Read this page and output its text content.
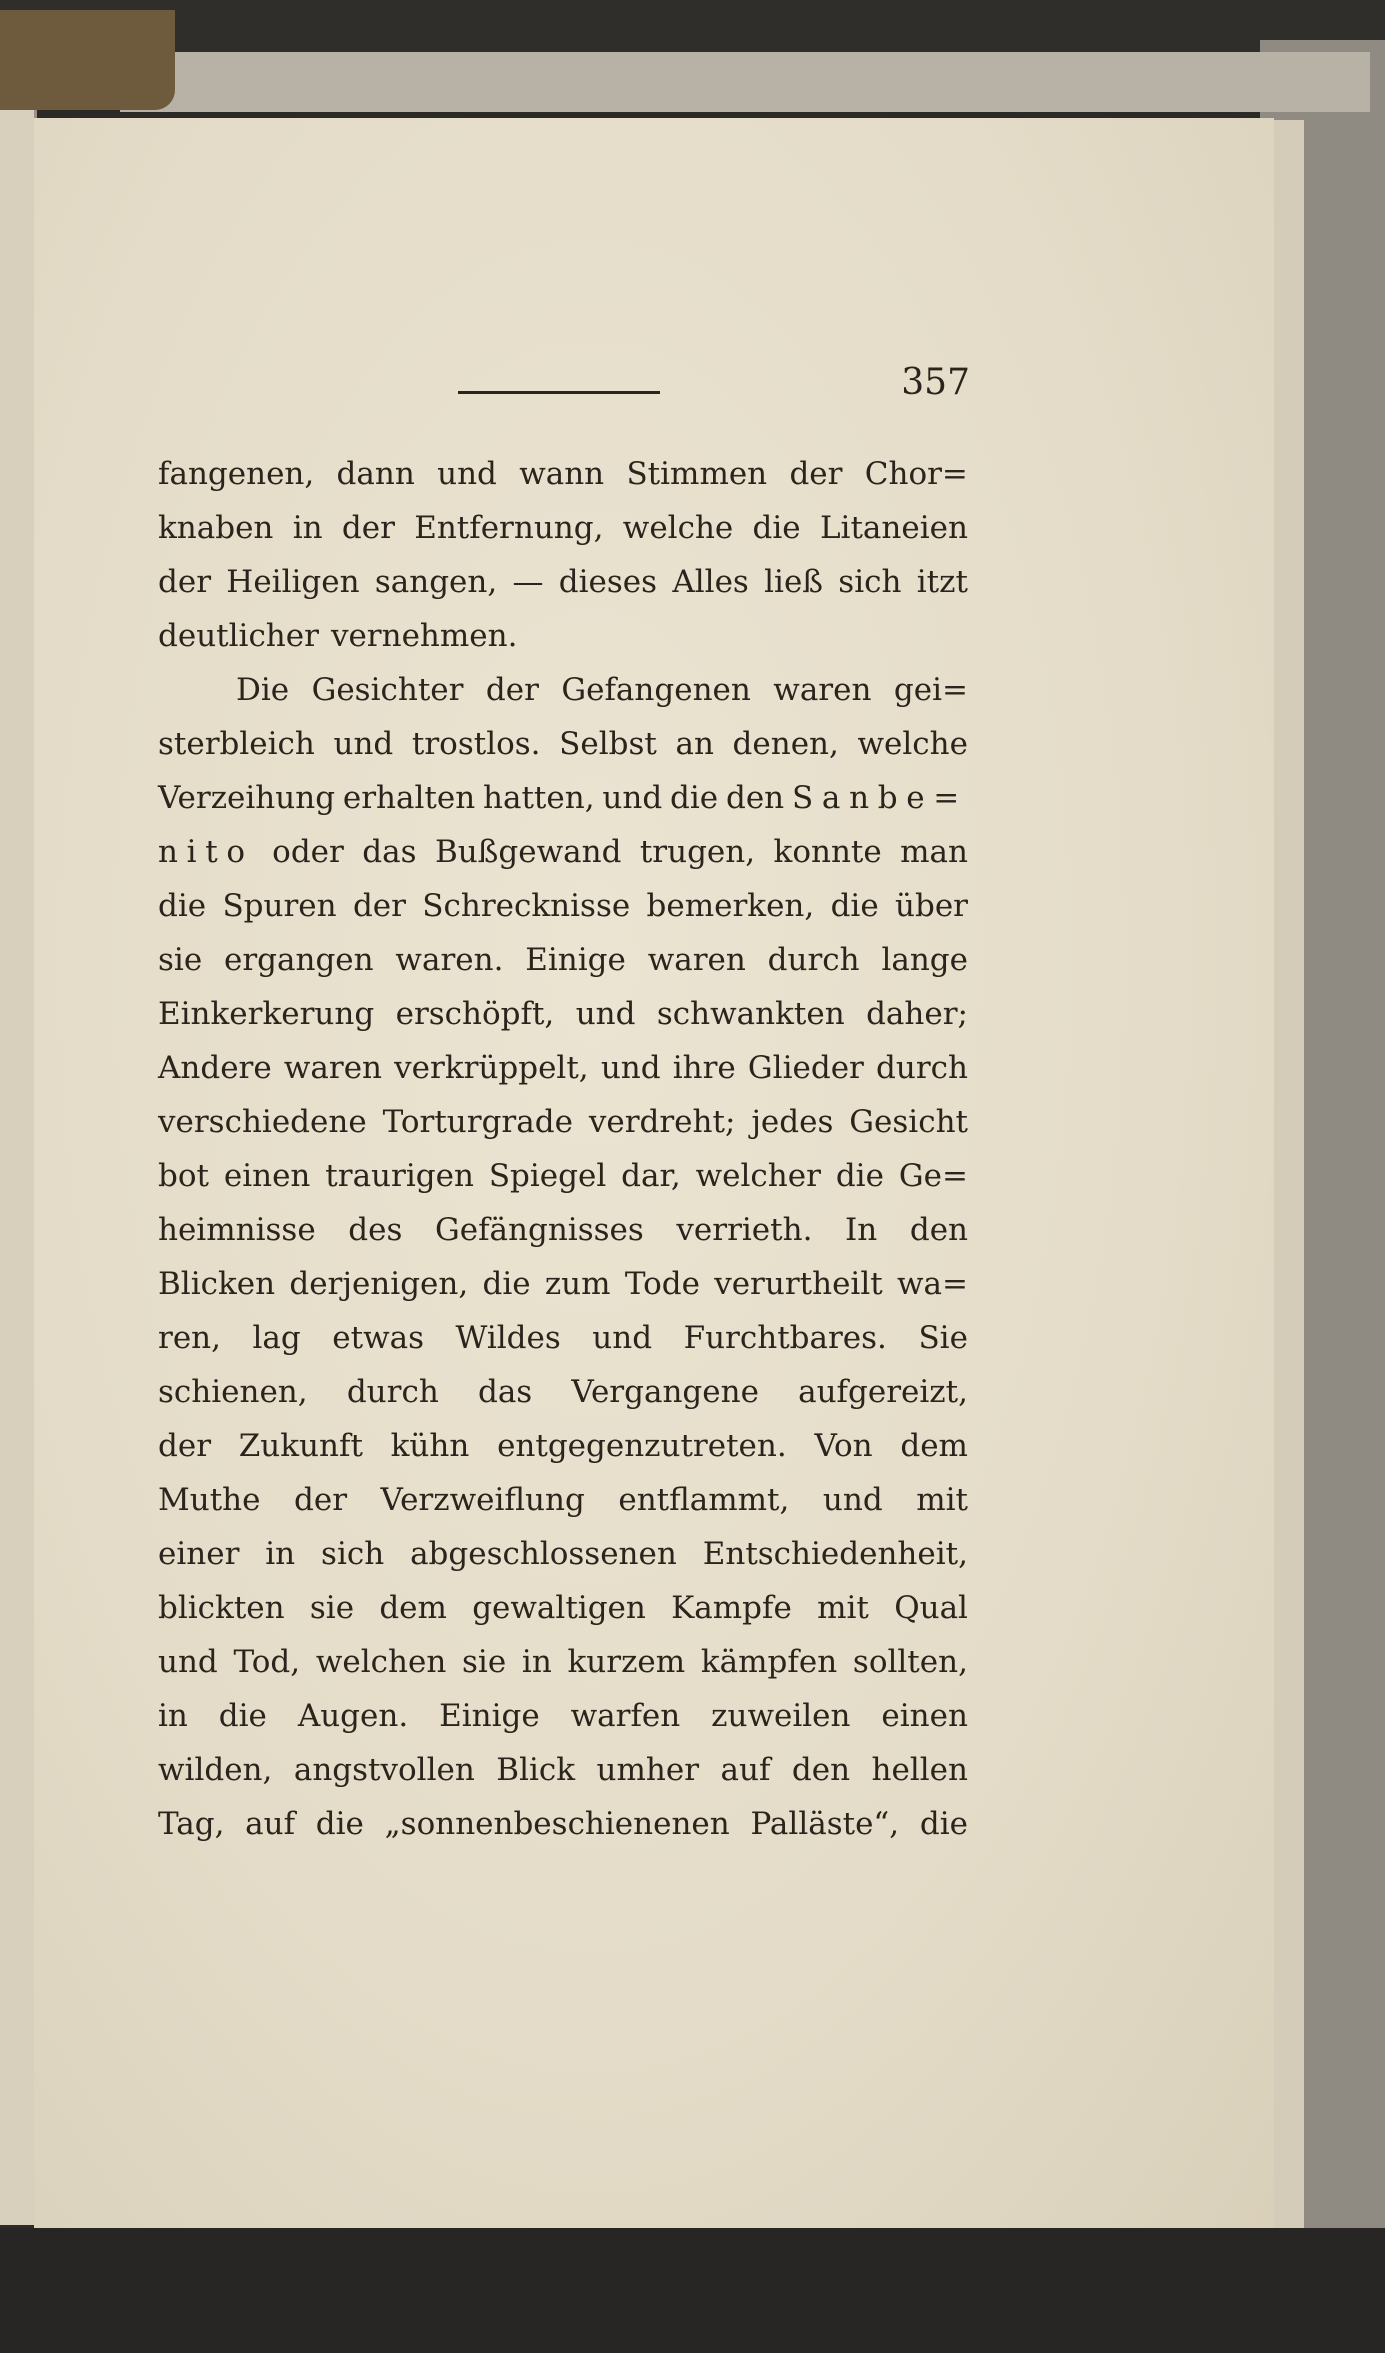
357
fangenen, dann und wann Stimmen der Chor=
knaben in der Entfernung, welche die Litaneien
der Heiligen sangen, — dieses Alles ließ sich itzt
deutlicher vernehmen.
Die Gesichter der Gefangenen waren gei=
sterbleich und trostlos. Selbst an denen, welche
Verzeihung erhalten hatten, und die den Sanbe=
nito oder das Bußgewand trugen, konnte man
die Spuren der Schrecknisse bemerken, die über
sie ergangen waren. Einige waren durch lange
Einkerkerung erschöpft, und schwankten daher;
Andere waren verkrüppelt, und ihre Glieder durch
verschiedene Torturgrade verdreht; jedes Gesicht
bot einen traurigen Spiegel dar, welcher die Ge=
heimnisse des Gefängnisses verrieth. In den
Blicken derjenigen, die zum Tode verurtheilt wa=
ren, lag etwas Wildes und Furchtbares. Sie
schienen, durch das Vergangene aufgereizt,
der Zukunft kühn entgegenzutreten. Von dem
Muthe der Verzweiflung entflammt, und mit
einer in sich abgeschlossenen Entschiedenheit,
blickten sie dem gewaltigen Kampfe mit Qual
und Tod, welchen sie in kurzem kämpfen sollten,
in die Augen. Einige warfen zuweilen einen
wilden, angstvollen Blick umher auf den hellen
Tag, auf die „sonnenbeschienenen Palläste“, die
